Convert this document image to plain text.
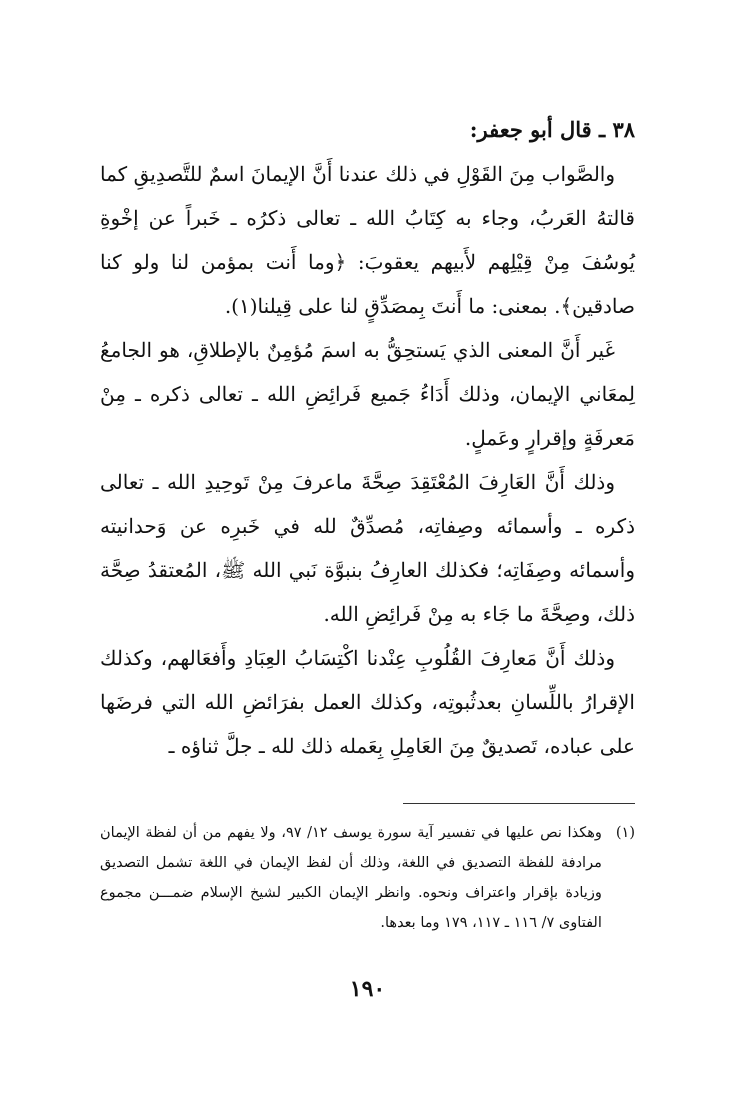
٣٨ ـ قال أبو جعفر:

والصَّواب مِنَ القَوْلِ في ذلك عندنا أَنَّ الإيمانَ اسمٌ للتَّصدِيقِ كما قالتهُ العَربُ، وجاء به كِتَابُ الله ـ تعالى ذكرُه ـ خَبراً عن إخْوةِ يُوسُفَ مِنْ قِيْلِهم لأَبيهم يعقوبَ: ﴿وما أَنت بمؤمن لنا ولو كنا صادقين﴾. بمعنى: ما أَنتَ بِمصَدِّقٍ لنا على قِيلنا(١).

غَير أَنَّ المعنى الذي يَستحِقُّ به اسمَ مُؤمِنٌ بالإطلاقِ، هو الجامعُ لِمعَاني الإيمان، وذلك أَدَاءُ جَميع فَرائِضِ الله ـ تعالى ذكره ـ مِنْ مَعرفَةٍ وإقرارٍ وعَملٍ.

وذلك أَنَّ العَارِفَ المُعْتَقِدَ صِحَّةَ ماعرفَ مِنْ تَوحِيدِ الله ـ تعالى ذكره ـ وأسمائه وصِفاتِه، مُصدِّقٌ لله في خَبرِه عن وَحدانيته وأسمائه وصِفَاتِه؛ فكذلك العارِفُ بنبوَّة نَبي الله ﷺ، المُعتقدُ صِحَّة ذلك، وصِحَّةَ ما جَاء به مِنْ فَرائِضِ الله.

وذلك أَنَّ مَعارِفَ القُلُوبِ عِنْدنا اكْتِسَابُ العِبَادِ وأَفعَالهم، وكذلك الإقرارُ باللِّسانِ بعدثُبوتِه، وكذلك العمل بفرَائضِ الله التي فرضَها على عباده، تَصديقٌ مِنَ العَامِلِ بِعَمله ذلك لله ـ جلَّ ثناؤه ـ

(١)
وهكذا نص عليها في تفسير آية سورة يوسف ١٢/ ٩٧، ولا يفهم من أن لفظة الإيمان مرادفة للفظة التصديق في اللغة، وذلك أن لفظ الإيمان في اللغة تشمل التصديق وزيادة بإقرار واعتراف ونحوه. وانظر الإيمان الكبير لشيخ الإسلام ضمـــن مجموع الفتاوى ٧/ ١١٦ ـ ١١٧، ١٧٩ وما بعدها.
١٩٠
